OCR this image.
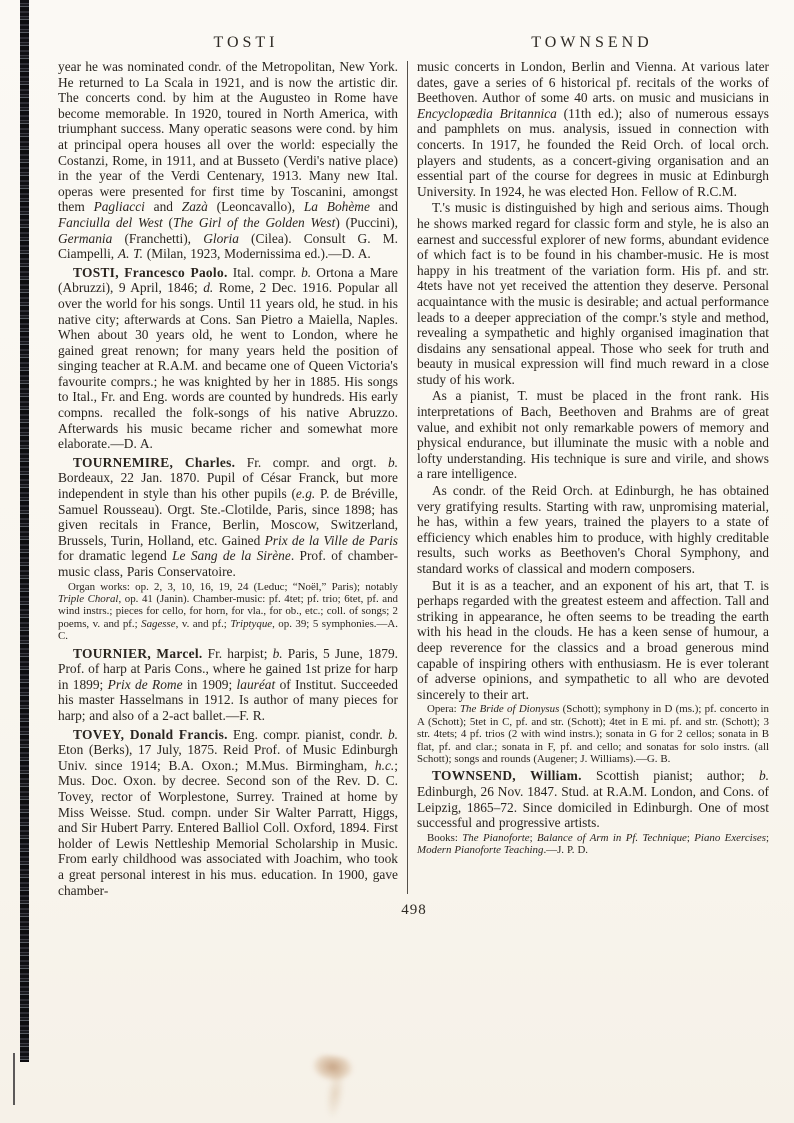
TOSTI	TOWNSEND

year he was nominated condr. of the Metropolitan, New York. He returned to La Scala in 1921, and is now the artistic dir. The concerts cond. by him at the Augusteo in Rome have become memorable. In 1920, toured in North America, with triumphant success. Many operatic seasons were cond. by him at principal opera houses all over the world: especially the Costanzi, Rome, in 1911, and at Busseto (Verdi's native place) in the year of the Verdi Centenary, 1913. Many new Ital. operas were presented for first time by Toscanini, amongst them Pagliacci and Zazà (Leoncavallo), La Bohème and Fanciulla del West (The Girl of the Golden West) (Puccini), Germania (Franchetti), Gloria (Cilea). Consult G. M. Ciampelli, A. T. (Milan, 1923, Modernissima ed.).—D. A.

TOSTI, Francesco Paolo. Ital. compr. b. Ortona a Mare (Abruzzi), 9 April, 1846; d. Rome, 2 Dec. 1916. Popular all over the world for his songs. Until 11 years old, he stud. in his native city; afterwards at Cons. San Pietro a Maiella, Naples. When about 30 years old, he went to London, where he gained great renown; for many years held the position of singing teacher at R.A.M. and became one of Queen Victoria's favourite comprs.; he was knighted by her in 1885. His songs to Ital., Fr. and Eng. words are counted by hundreds. His early compns. recalled the folk-songs of his native Abruzzo. Afterwards his music became richer and somewhat more elaborate.—D. A.

TOURNEMIRE, Charles. Fr. compr. and orgt. b. Bordeaux, 22 Jan. 1870. Pupil of César Franck, but more independent in style than his other pupils (e.g. P. de Bréville, Samuel Rousseau). Orgt. Ste.-Clotilde, Paris, since 1898; has given recitals in France, Berlin, Moscow, Switzerland, Brussels, Turin, Holland, etc. Gained Prix de la Ville de Paris for dramatic legend Le Sang de la Sirène. Prof. of chamber-music class, Paris Conservatoire.

Organ works: op. 2, 3, 10, 16, 19, 24 (Leduc; “Noël,” Paris); notably Triple Choral, op. 41 (Janin). Chamber-music: pf. 4tet; pf. trio; 6tet, pf. and wind instrs.; pieces for cello, for horn, for vla., for ob., etc.; coll. of songs; 2 poems, v. and pf.; Sagesse, v. and pf.; Triptyque, op. 39; 5 symphonies.—A. C.

TOURNIER, Marcel. Fr. harpist; b. Paris, 5 June, 1879. Prof. of harp at Paris Cons., where he gained 1st prize for harp in 1899; Prix de Rome in 1909; lauréat of Institut. Succeeded his master Hasselmans in 1912. Is author of many pieces for harp; and also of a 2-act ballet.—F. R.

TOVEY, Donald Francis. Eng. compr. pianist, condr. b. Eton (Berks), 17 July, 1875. Reid Prof. of Music Edinburgh Univ. since 1914; B.A. Oxon.; M.Mus. Birmingham, h.c.; Mus. Doc. Oxon. by decree. Second son of the Rev. D. C. Tovey, rector of Worplestone, Surrey. Trained at home by Miss Weisse. Stud. compn. under Sir Walter Parratt, Higgs, and Sir Hubert Parry. Entered Balliol Coll. Oxford, 1894. First holder of Lewis Nettleship Memorial Scholarship in Music. From early childhood was associated with Joachim, who took a great personal interest in his mus. education. In 1900, gave chamber-

music concerts in London, Berlin and Vienna. At various later dates, gave a series of 6 historical pf. recitals of the works of Beethoven. Author of some 40 arts. on music and musicians in Encyclopædia Britannica (11th ed.); also of numerous essays and pamphlets on mus. analysis, issued in connection with concerts. In 1917, he founded the Reid Orch. of local orch. players and students, as a concert-giving organisation and an essential part of the course for degrees in music at Edinburgh University. In 1924, he was elected Hon. Fellow of R.C.M.

T.'s music is distinguished by high and serious aims. Though he shows marked regard for classic form and style, he is also an earnest and successful explorer of new forms, abundant evidence of which fact is to be found in his chamber-music. He is most happy in his treatment of the variation form. His pf. and str. 4tets have not yet received the attention they deserve. Personal acquaintance with the music is desirable; and actual performance leads to a deeper appreciation of the compr.'s style and method, revealing a sympathetic and highly organised imagination that disdains any sensational appeal. Those who seek for truth and beauty in musical expression will find much reward in a close study of his work.

As a pianist, T. must be placed in the front rank. His interpretations of Bach, Beethoven and Brahms are of great value, and exhibit not only remarkable powers of memory and physical endurance, but illuminate the music with a noble and lofty understanding. His technique is sure and virile, and shows a rare intelligence.

As condr. of the Reid Orch. at Edinburgh, he has obtained very gratifying results. Starting with raw, unpromising material, he has, within a few years, trained the players to a state of efficiency which enables him to produce, with highly creditable results, such works as Beethoven's Choral Symphony, and standard works of classical and modern composers.

But it is as a teacher, and an exponent of his art, that T. is perhaps regarded with the greatest esteem and affection. Tall and striking in appearance, he often seems to be treading the earth with his head in the clouds. He has a keen sense of humour, a deep reverence for the classics and a broad generous mind capable of inspiring others with enthusiasm. He is ever tolerant of adverse opinions, and sympathetic to all who are devoted sincerely to their art.

Opera: The Bride of Dionysus (Schott); symphony in D (ms.); pf. concerto in A (Schott); 5tet in C, pf. and str. (Schott); 4tet in E mi. pf. and str. (Schott); 3 str. 4tets; 4 pf. trios (2 with wind instrs.); sonata in G for 2 cellos; sonata in B flat, pf. and clar.; sonata in F, pf. and cello; and sonatas for solo instrs. (all Schott); songs and rounds (Augener; J. Williams).—G. B.

TOWNSEND, William. Scottish pianist; author; b. Edinburgh, 26 Nov. 1847. Stud. at R.A.M. London, and Cons. of Leipzig, 1865–72. Since domiciled in Edinburgh. One of most successful and progressive artists.

Books: The Pianoforte; Balance of Arm in Pf. Technique; Piano Exercises; Modern Pianoforte Teaching.—J. P. D.

498
